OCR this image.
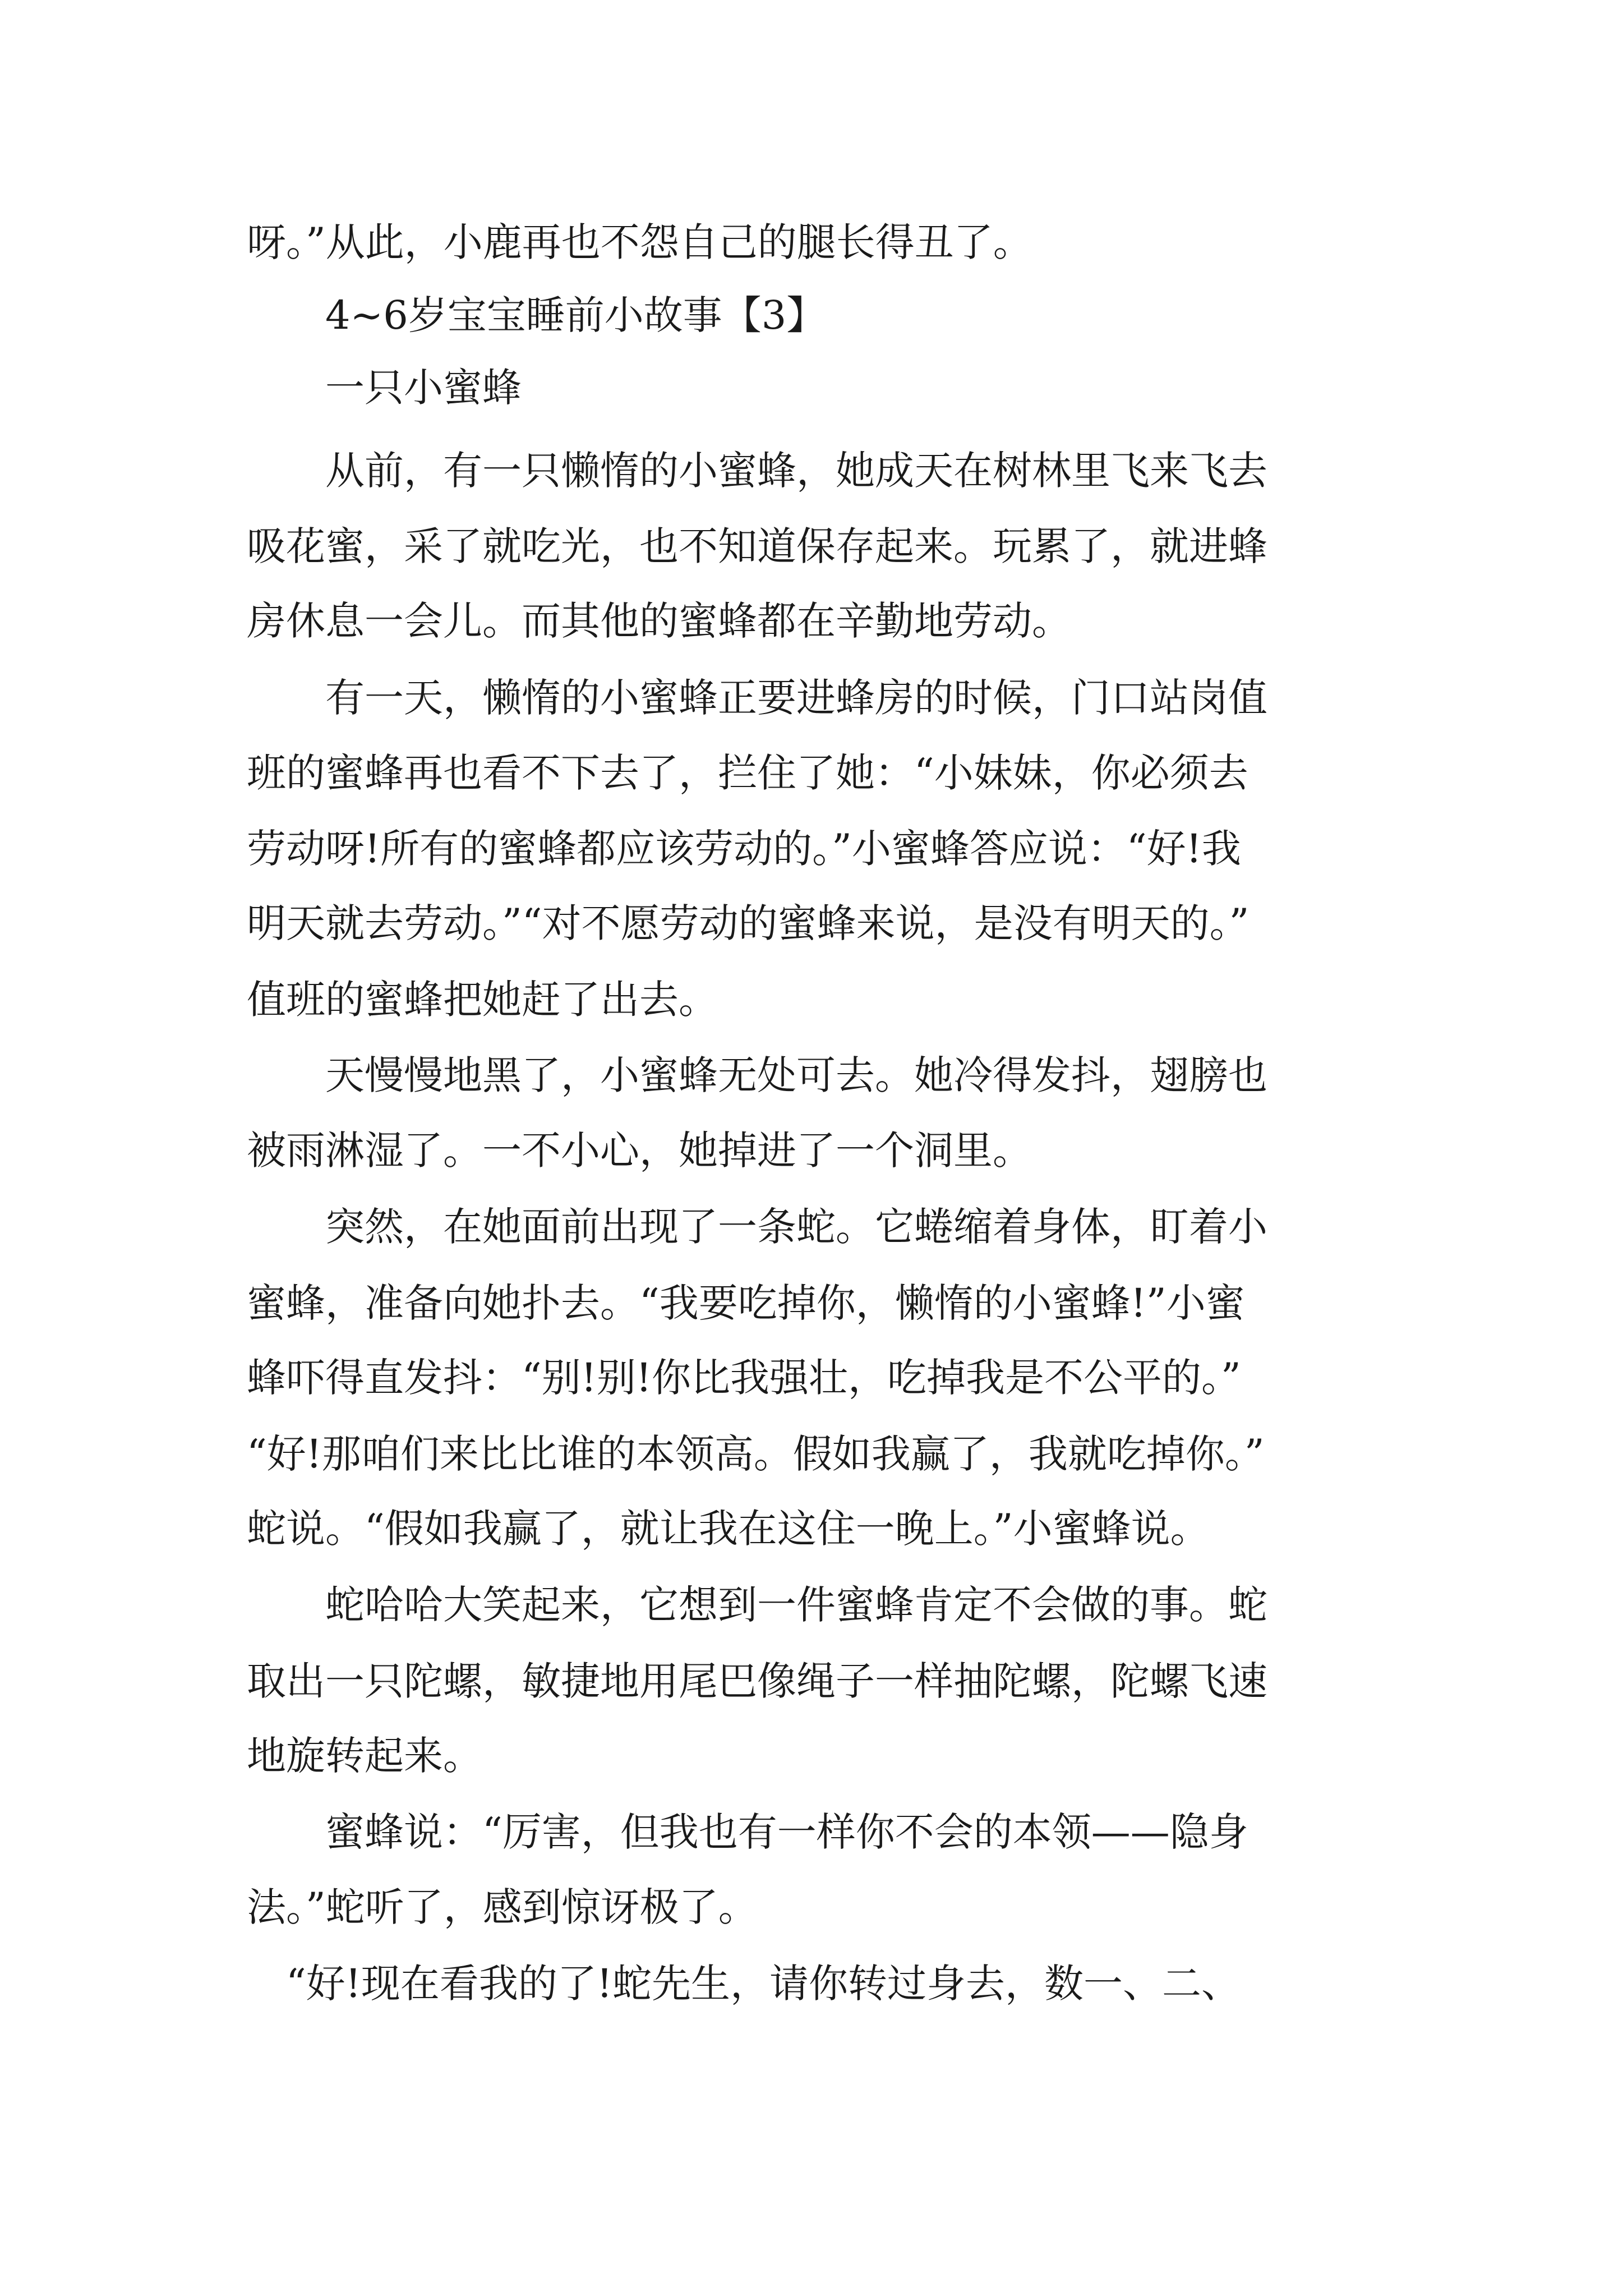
呀。”从此，小鹿再也不怨自己的腿长得丑了。

　　4~6岁宝宝睡前小故事【3】

　　一只小蜜蜂

　　从前，有一只懒惰的小蜜蜂，她成天在树林里飞来飞去

吸花蜜，采了就吃光，也不知道保存起来。玩累了，就进蜂

房休息一会儿。而其他的蜜蜂都在辛勤地劳动。

　　有一天，懒惰的小蜜蜂正要进蜂房的时候，门口站岗值

班的蜜蜂再也看不下去了，拦住了她：“小妹妹，你必须去

劳动呀!所有的蜜蜂都应该劳动的。”小蜜蜂答应说：“好!我

明天就去劳动。”“对不愿劳动的蜜蜂来说，是没有明天的。”

值班的蜜蜂把她赶了出去。

　　天慢慢地黑了，小蜜蜂无处可去。她冷得发抖，翅膀也

被雨淋湿了。一不小心，她掉进了一个洞里。

　　突然，在她面前出现了一条蛇。它蜷缩着身体，盯着小

蜜蜂，准备向她扑去。“我要吃掉你，懒惰的小蜜蜂!”小蜜

蜂吓得直发抖：“别!别!你比我强壮，吃掉我是不公平的。”

“好!那咱们来比比谁的本领高。假如我赢了，我就吃掉你。”

蛇说。“假如我赢了，就让我在这住一晚上。”小蜜蜂说。

　　蛇哈哈大笑起来，它想到一件蜜蜂肯定不会做的事。蛇

取出一只陀螺，敏捷地用尾巴像绳子一样抽陀螺，陀螺飞速

地旋转起来。

　　蜜蜂说：“厉害，但我也有一样你不会的本领——隐身

法。”蛇听了，感到惊讶极了。

　“好!现在看我的了!蛇先生，请你转过身去，数一、二、
